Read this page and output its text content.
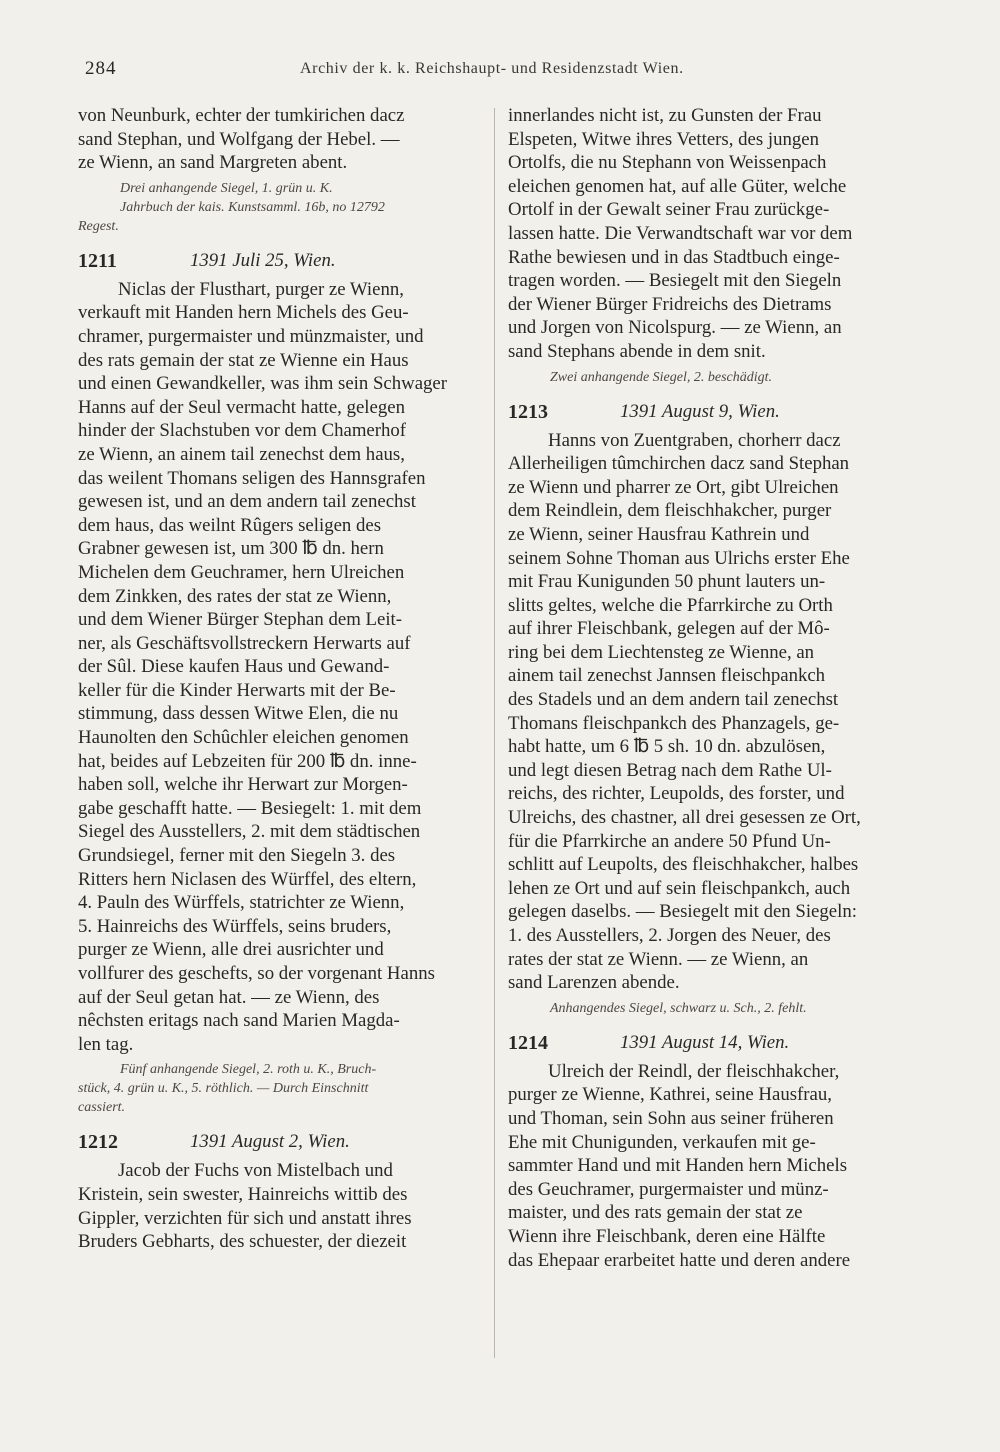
284	Archiv der k. k. Reichshaupt- und Residenzstadt Wien.
von Neunburk, echter der tumkirichen dacz
sand Stephan, und Wolfgang der Hebel. —
ze Wienn, an sand Margreten abent.
Drei anhangende Siegel, 1. grün u. K.
Jahrbuch der kais. Kunstsamml. 16b, no 12792
Regest.
1211	1391 Juli 25, Wien.
Niclas der Flusthart, purger ze Wienn,
verkauft mit Handen hern Michels des Geu-
chramer, purgermaister und münzmaister, und
des rats gemain der stat ze Wienne ein Haus
und einen Gewandkeller, was ihm sein Schwager
Hanns auf der Seul vermacht hatte, gelegen
hinder der Slachstuben vor dem Chamerhof
ze Wienn, an ainem tail zenechst dem haus,
das weilent Thomans seligen des Hannsgrafen
gewesen ist, und an dem andern tail zenechst
dem haus, das weilnt Rûgers seligen des
Grabner gewesen ist, um 300 ℔ dn. hern
Michelen dem Geuchramer, hern Ulreichen
dem Zinkken, des rates der stat ze Wienn,
und dem Wiener Bürger Stephan dem Leit-
ner, als Geschäftsvollstreckern Herwarts auf
der Sûl. Diese kaufen Haus und Gewand-
keller für die Kinder Herwarts mit der Be-
stimmung, dass dessen Witwe Elen, die nu
Haunolten den Schûchler eleichen genomen
hat, beides auf Lebzeiten für 200 ℔ dn. inne-
haben soll, welche ihr Herwart zur Morgen-
gabe geschafft hatte. — Besiegelt: 1. mit dem
Siegel des Ausstellers, 2. mit dem städtischen
Grundsiegel, ferner mit den Siegeln 3. des
Ritters hern Niclasen des Würffel, des eltern,
4. Pauln des Würffels, statrichter ze Wienn,
5. Hainreichs des Würffels, seins bruders,
purger ze Wienn, alle drei ausrichter und
vollfurer des geschefts, so der vorgenant Hanns
auf der Seul getan hat. — ze Wienn, des
nêchsten eritags nach sand Marien Magda-
len tag.
Fünf anhangende Siegel, 2. roth u. K., Bruch-
stück, 4. grün u. K., 5. röthlich. — Durch Einschnitt
cassiert.
1212	1391 August 2, Wien.
Jacob der Fuchs von Mistelbach und
Kristein, sein swester, Hainreichs wittib des
Gippler, verzichten für sich und anstatt ihres
Bruders Gebharts, des schuester, der diezeit
innerlandes nicht ist, zu Gunsten der Frau
Elspeten, Witwe ihres Vetters, des jungen
Ortolfs, die nu Stephann von Weissenpach
eleichen genomen hat, auf alle Güter, welche
Ortolf in der Gewalt seiner Frau zurückge-
lassen hatte. Die Verwandtschaft war vor dem
Rathe bewiesen und in das Stadtbuch einge-
tragen worden. — Besiegelt mit den Siegeln
der Wiener Bürger Fridreichs des Dietrams
und Jorgen von Nicolspurg. — ze Wienn, an
sand Stephans abende in dem snit.
Zwei anhangende Siegel, 2. beschädigt.
1213	1391 August 9, Wien.
Hanns von Zuentgraben, chorherr dacz
Allerheiligen tûmchirchen dacz sand Stephan
ze Wienn und pharrer ze Ort, gibt Ulreichen
dem Reindlein, dem fleischhakcher, purger
ze Wienn, seiner Hausfrau Kathrein und
seinem Sohne Thoman aus Ulrichs erster Ehe
mit Frau Kunigunden 50 phunt lauters un-
slitts geltes, welche die Pfarrkirche zu Orth
auf ihrer Fleischbank, gelegen auf der Mô-
ring bei dem Liechtensteg ze Wienne, an
ainem tail zenechst Jannsen fleischpankch
des Stadels und an dem andern tail zenechst
Thomans fleischpankch des Phanzagels, ge-
habt hatte, um 6 ℔ 5 sh. 10 dn. abzulösen,
und legt diesen Betrag nach dem Rathe Ul-
reichs, des richter, Leupolds, des forster, und
Ulreichs, des chastner, all drei gesessen ze Ort,
für die Pfarrkirche an andere 50 Pfund Un-
schlitt auf Leupolts, des fleischhakcher, halbes
lehen ze Ort und auf sein fleischpankch, auch
gelegen daselbs. — Besiegelt mit den Siegeln:
1. des Ausstellers, 2. Jorgen des Neuer, des
rates der stat ze Wienn. — ze Wienn, an
sand Larenzen abende.
Anhangendes Siegel, schwarz u. Sch., 2. fehlt.
1214	1391 August 14, Wien.
Ulreich der Reindl, der fleischhakcher,
purger ze Wienne, Kathrei, seine Hausfrau,
und Thoman, sein Sohn aus seiner früheren
Ehe mit Chunigunden, verkaufen mit ge-
sammter Hand und mit Handen hern Michels
des Geuchramer, purgermaister und münz-
maister, und des rats gemain der stat ze
Wienn ihre Fleischbank, deren eine Hälfte
das Ehepaar erarbeitet hatte und deren andere
